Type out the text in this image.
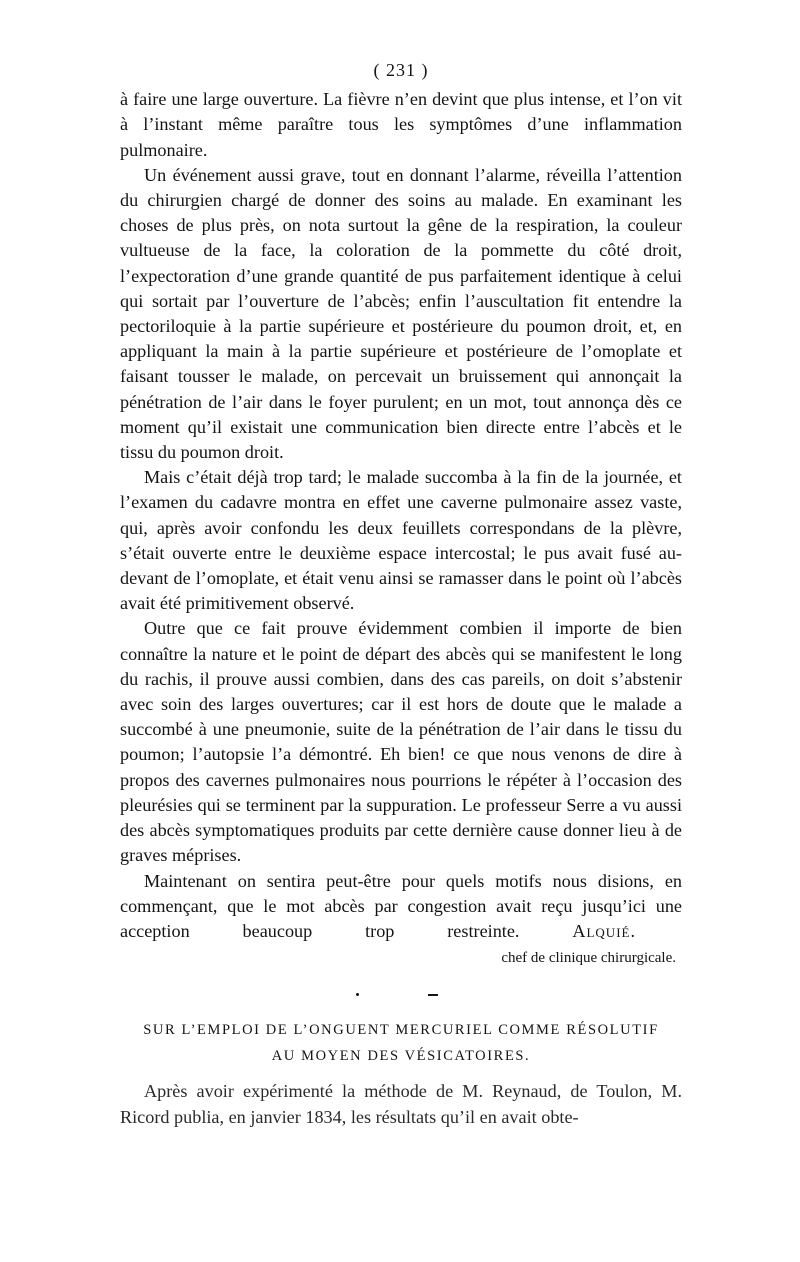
( 231 )

à faire une large ouverture. La fièvre n’en devint que plus intense, et l’on vit à l’instant même paraître tous les symptômes d’une inflammation pulmonaire.

Un événement aussi grave, tout en donnant l’alarme, réveilla l’attention du chirurgien chargé de donner des soins au malade. En examinant les choses de plus près, on nota surtout la gêne de la respiration, la couleur vultueuse de la face, la coloration de la pommette du côté droit, l’expectoration d’une grande quantité de pus parfaitement identique à celui qui sortait par l’ouverture de l’abcès; enfin l’auscultation fit entendre la pectoriloquie à la partie supérieure et postérieure du poumon droit, et, en appliquant la main à la partie supérieure et postérieure de l’omoplate et faisant tousser le malade, on percevait un bruissement qui annonçait la pénétration de l’air dans le foyer purulent; en un mot, tout annonça dès ce moment qu’il existait une communication bien directe entre l’abcès et le tissu du poumon droit.

Mais c’était déjà trop tard; le malade succomba à la fin de la journée, et l’examen du cadavre montra en effet une caverne pulmonaire assez vaste, qui, après avoir confondu les deux feuillets correspondans de la plèvre, s’était ouverte entre le deuxième espace intercostal; le pus avait fusé au-devant de l’omoplate, et était venu ainsi se ramasser dans le point où l’abcès avait été primitivement observé.

Outre que ce fait prouve évidemment combien il importe de bien connaître la nature et le point de départ des abcès qui se manifestent le long du rachis, il prouve aussi combien, dans des cas pareils, on doit s’abstenir avec soin des larges ouvertures; car il est hors de doute que le malade a succombé à une pneumonie, suite de la pénétration de l’air dans le tissu du poumon; l’autopsie l’a démontré. Eh bien! ce que nous venons de dire à propos des cavernes pulmonaires nous pourrions le répéter à l’occasion des pleurésies qui se terminent par la suppuration. Le professeur Serre a vu aussi des abcès symptomatiques produits par cette dernière cause donner lieu à de graves méprises.

Maintenant on sentira peut-être pour quels motifs nous disions, en commençant, que le mot abcès par congestion avait reçu jusqu’ici une acception beaucoup trop restreinte.	Alquié.
chef de clinique chirurgicale.
SUR L’EMPLOI DE L’ONGUENT MERCURIEL COMME RÉSOLUTIF
AU MOYEN DES VÉSICATOIRES.

Après avoir expérimenté la méthode de M. Reynaud, de Toulon, M. Ricord publia, en janvier 1834, les résultats qu’il en avait obte-
